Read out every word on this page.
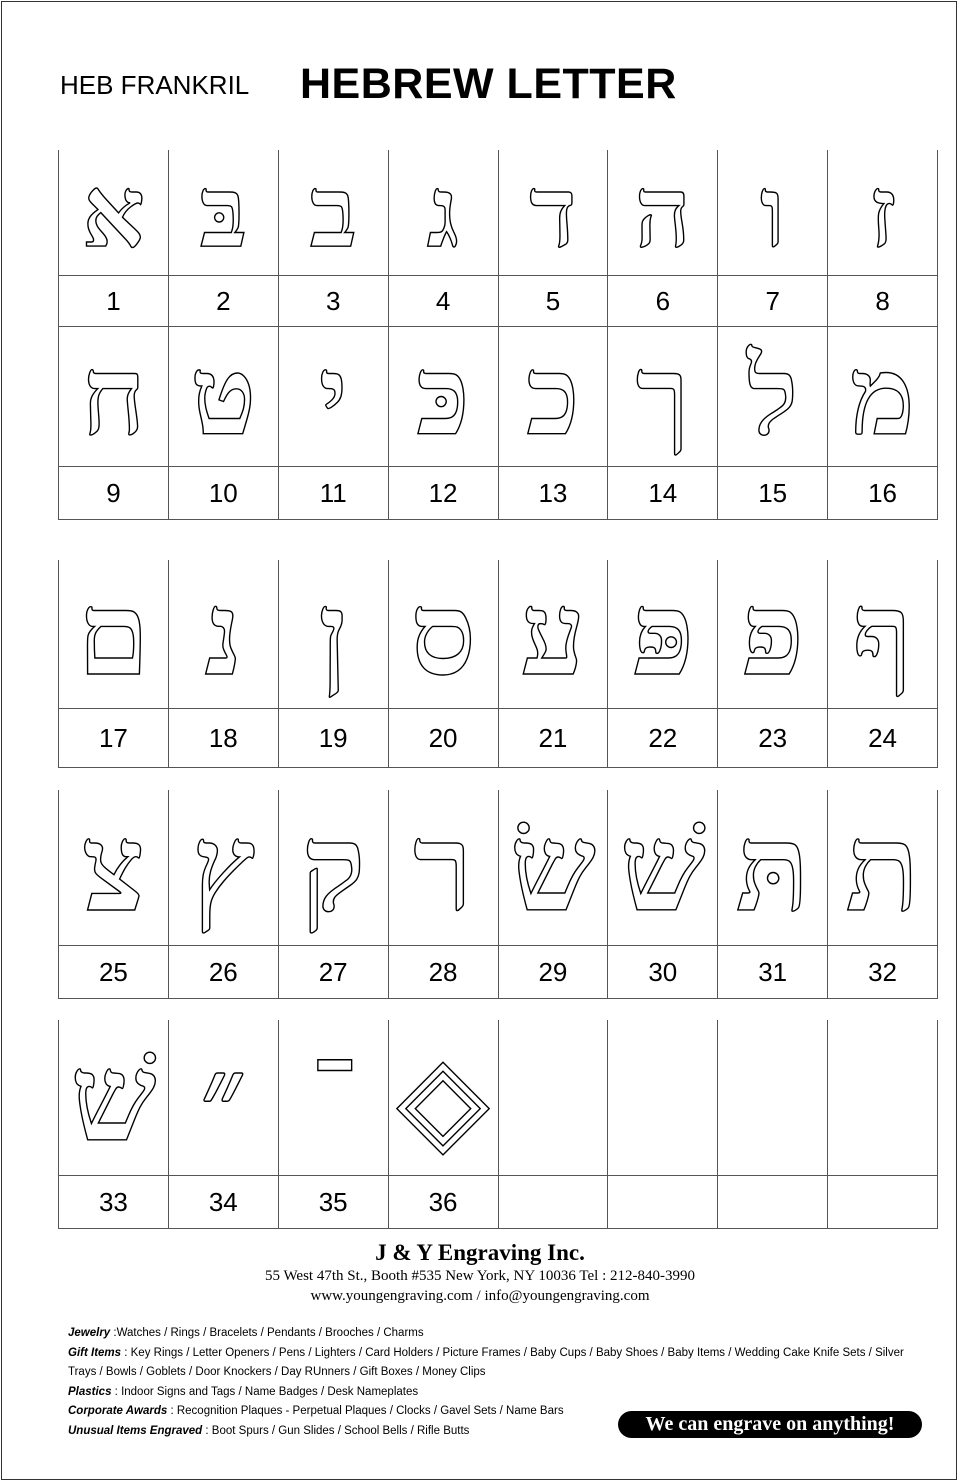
HEB FRANKRIL HEBREW LETTER
א בּ ב ג ד ה ו ז
1	2	3	4	5	6	7	8
ח ט י כּ כ ך ל מ
9	10	11	12	13	14	15	16
ם נ ן ס ע פּ פ ף
17	18	19	20	21	22	23	24
צ ץ ק ר שׂ שׁ תּ ת
25	26	27	28	29	30	31	32
שׁ ״ ־ ◈
33	34	35	36
J & Y Engraving Inc.
55 West 47th St., Booth #535 New York, NY 10036 Tel : 212-840-3990
www.youngengraving.com / info@youngengraving.com
Jewelry :Watches / Rings / Bracelets / Pendants / Brooches / Charms
Gift Items : Key Rings / Letter Openers / Pens / Lighters / Card Holders / Picture Frames / Baby Cups / Baby Shoes / Baby Items / Wedding Cake Knife Sets / Silver Trays / Bowls / Goblets / Door Knockers / Day RUnners / Gift Boxes / Money Clips
Plastics : Indoor Signs and Tags / Name Badges / Desk Nameplates
Corporate Awards : Recognition Plaques - Perpetual Plaques / Clocks / Gavel Sets / Name Bars
Unusual Items Engraved : Boot Spurs / Gun Slides / School Bells / Rifle Butts	We can engrave on anything!
